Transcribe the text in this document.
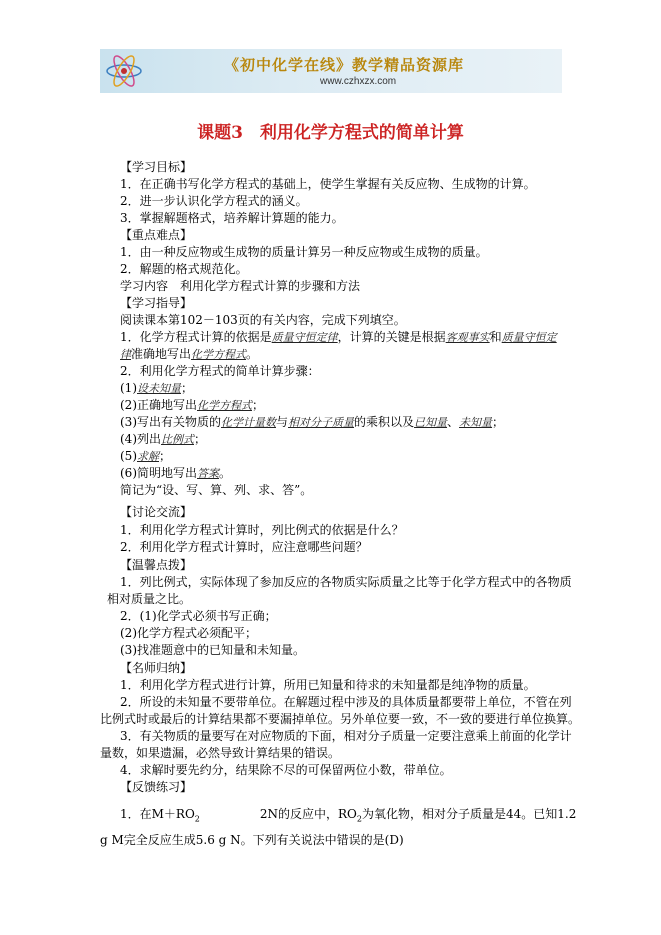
《初中化学在线》教学精品资源库
www.czhxzx.com
课题3　利用化学方程式的简单计算
【学习目标】
1．在正确书写化学方程式的基础上，使学生掌握有关反应物、生成物的计算。
2．进一步认识化学方程式的涵义。
3．掌握解题格式，培养解计算题的能力。
【重点难点】
1．由一种反应物或生成物的质量计算另一种反应物或生成物的质量。
2．解题的格式规范化。
学习内容　利用化学方程式计算的步骤和方法
【学习指导】
阅读课本第102－103页的有关内容，完成下列填空。
1．化学方程式计算的依据是质量守恒定律，计算的关键是根据客观事实和质量守恒定
律准确地写出化学方程式。
2．利用化学方程式的简单计算步骤：
(1)设未知量；
(2)正确地写出化学方程式；
(3)写出有关物质的化学计量数与相对分子质量的乘积以及已知量、未知量；
(4)列出比例式；
(5)求解；
(6)简明地写出答案。
简记为“设、写、算、列、求、答”。
【讨论交流】
1．利用化学方程式计算时，列比例式的依据是什么？
2．利用化学方程式计算时，应注意哪些问题？
【温馨点拨】
1．列比例式，实际体现了参加反应的各物质实际质量之比等于化学方程式中的各物质
相对质量之比。
2．(1)化学式必须书写正确；
(2)化学方程式必须配平；
(3)找准题意中的已知量和未知量。
【名师归纳】
1．利用化学方程式进行计算，所用已知量和待求的未知量都是纯净物的质量。
2．所设的未知量不要带单位。在解题过程中涉及的具体质量都要带上单位，不管在列
比例式时或最后的计算结果都不要漏掉单位。另外单位要一致，不一致的要进行单位换算。
3．有关物质的量要写在对应物质的下面，相对分子质量一定要注意乘上前面的化学计
量数，如果遗漏，必然导致计算结果的错误。
4．求解时要先约分，结果除不尽的可保留两位小数，带单位。
【反馈练习】
1．在$M+RO_2$	2N的反应中，$RO_2$为氧化物，相对分子质量是44。已知1.2
g M完全反应生成5.6 g N。下列有关说法中错误的是(D)
